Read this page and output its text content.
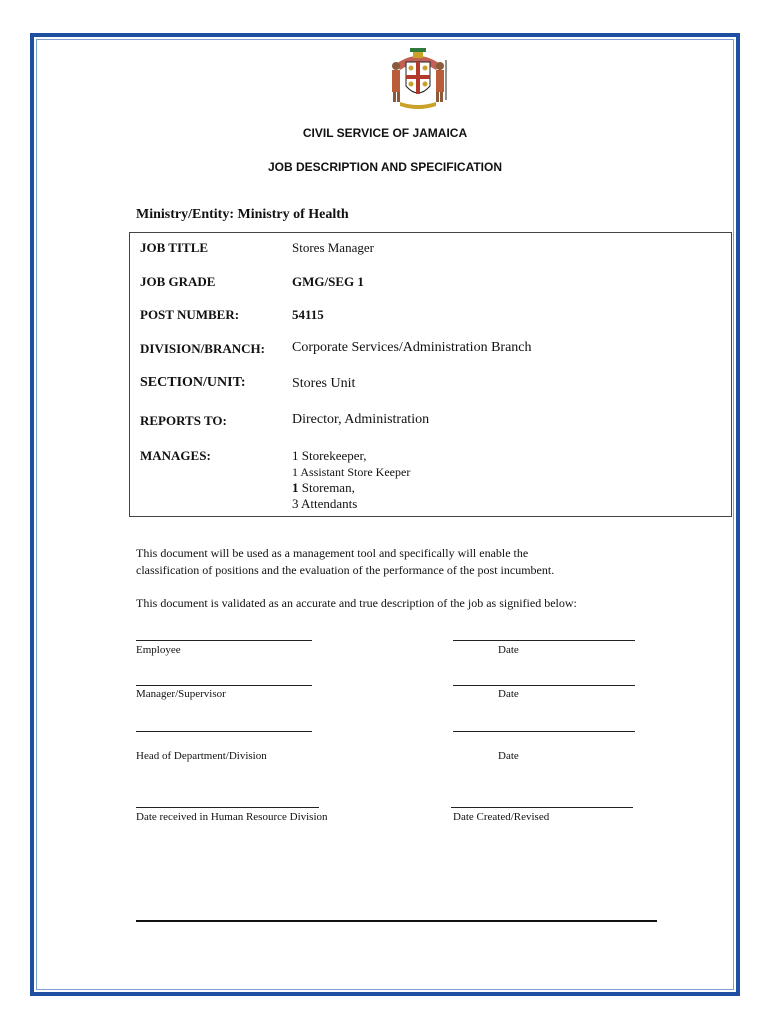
CIVIL SERVICE OF JAMAICA
JOB DESCRIPTION AND SPECIFICATION
Ministry/Entity: Ministry of Health
JOB TITLE	Stores Manager
JOB GRADE	GMG/SEG 1
POST NUMBER:	54115
DIVISION/BRANCH: Corporate Services/Administration Branch
SECTION/UNIT:	Stores Unit
REPORTS TO:	Director, Administration
MANAGES:	1 Storekeeper,
1 Assistant Store Keeper
1 Storeman,
3 Attendants
This document will be used as a management tool and specifically will enable the
classification of positions and the evaluation of the performance of the post incumbent.
This document is validated as an accurate and true description of the job as signified below:
Employee	Date
Manager/Supervisor	Date
Head of Department/Division	Date
Date received in Human Resource Division	Date Created/Revised
